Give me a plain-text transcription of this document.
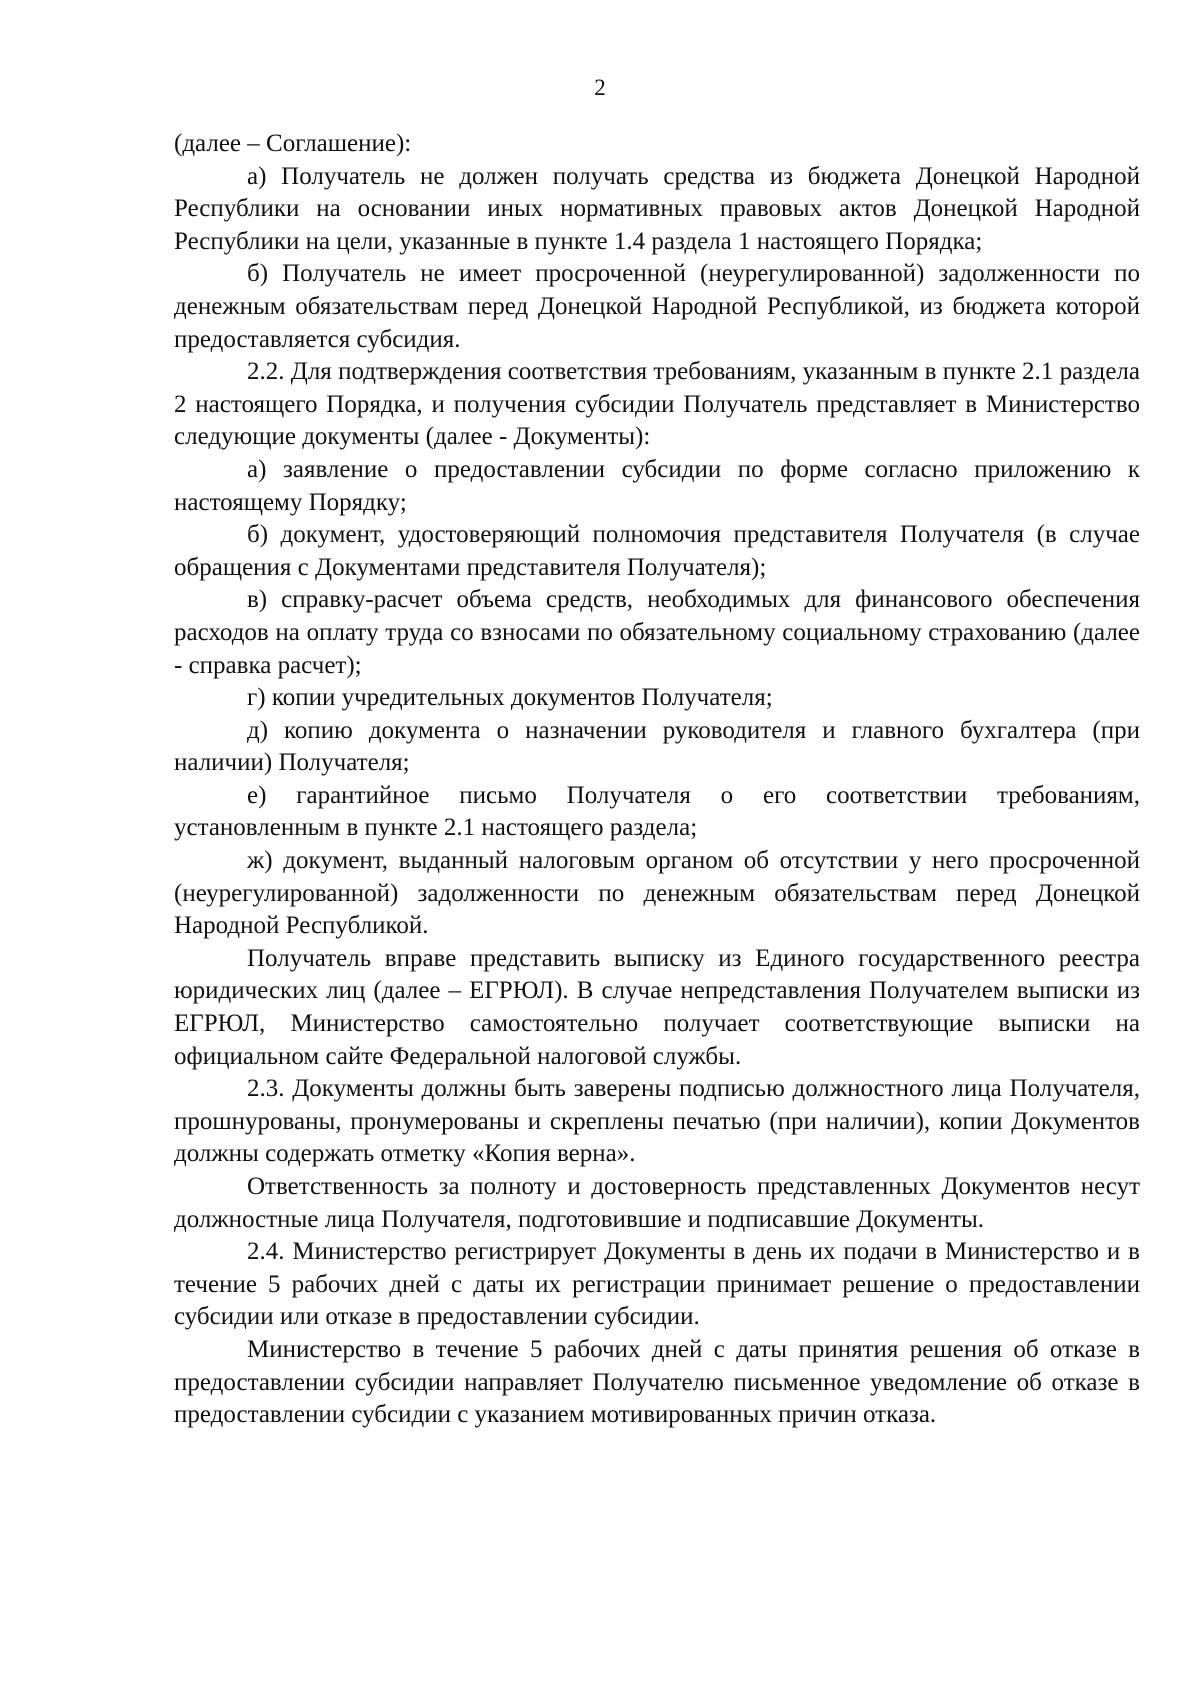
2

(далее – Соглашение):

а) Получатель не должен получать средства из бюджета Донецкой Народной Республики на основании иных нормативных правовых актов Донецкой Народной Республики на цели, указанные в пункте 1.4 раздела 1 настоящего Порядка;

б) Получатель не имеет просроченной (неурегулированной) задолженности по денежным обязательствам перед Донецкой Народной Республикой, из бюджета которой предоставляется субсидия.

2.2. Для подтверждения соответствия требованиям, указанным в пункте 2.1 раздела 2 настоящего Порядка, и получения субсидии Получатель представляет в Министерство следующие документы (далее - Документы):

а) заявление о предоставлении субсидии по форме согласно приложению к настоящему Порядку;

б) документ, удостоверяющий полномочия представителя Получателя (в случае обращения с Документами представителя Получателя);

в) справку-расчет объема средств, необходимых для финансового обеспечения расходов на оплату труда со взносами по обязательному социальному страхованию (далее - справка расчет);

г) копии учредительных документов Получателя;

д) копию документа о назначении руководителя и главного бухгалтера (при наличии) Получателя;

е) гарантийное письмо Получателя о его соответствии требованиям, установленным в пункте 2.1 настоящего раздела;

ж) документ, выданный налоговым органом об отсутствии у него просроченной (неурегулированной) задолженности по денежным обязательствам перед Донецкой Народной Республикой.

Получатель вправе представить выписку из Единого государственного реестра юридических лиц (далее – ЕГРЮЛ). В случае непредставления Получателем выписки из ЕГРЮЛ, Министерство самостоятельно получает соответствующие выписки на официальном сайте Федеральной налоговой службы.

2.3. Документы должны быть заверены подписью должностного лица Получателя, прошнурованы, пронумерованы и скреплены печатью (при наличии), копии Документов должны содержать отметку «Копия верна».

Ответственность за полноту и достоверность представленных Документов несут должностные лица Получателя, подготовившие и подписавшие Документы.

2.4. Министерство регистрирует Документы в день их подачи в Министерство и в течение 5 рабочих дней с даты их регистрации принимает решение о предоставлении субсидии или отказе в предоставлении субсидии.

Министерство в течение 5 рабочих дней с даты принятия решения об отказе в предоставлении субсидии направляет Получателю письменное уведомление об отказе в предоставлении субсидии с указанием мотивированных причин отказа.
